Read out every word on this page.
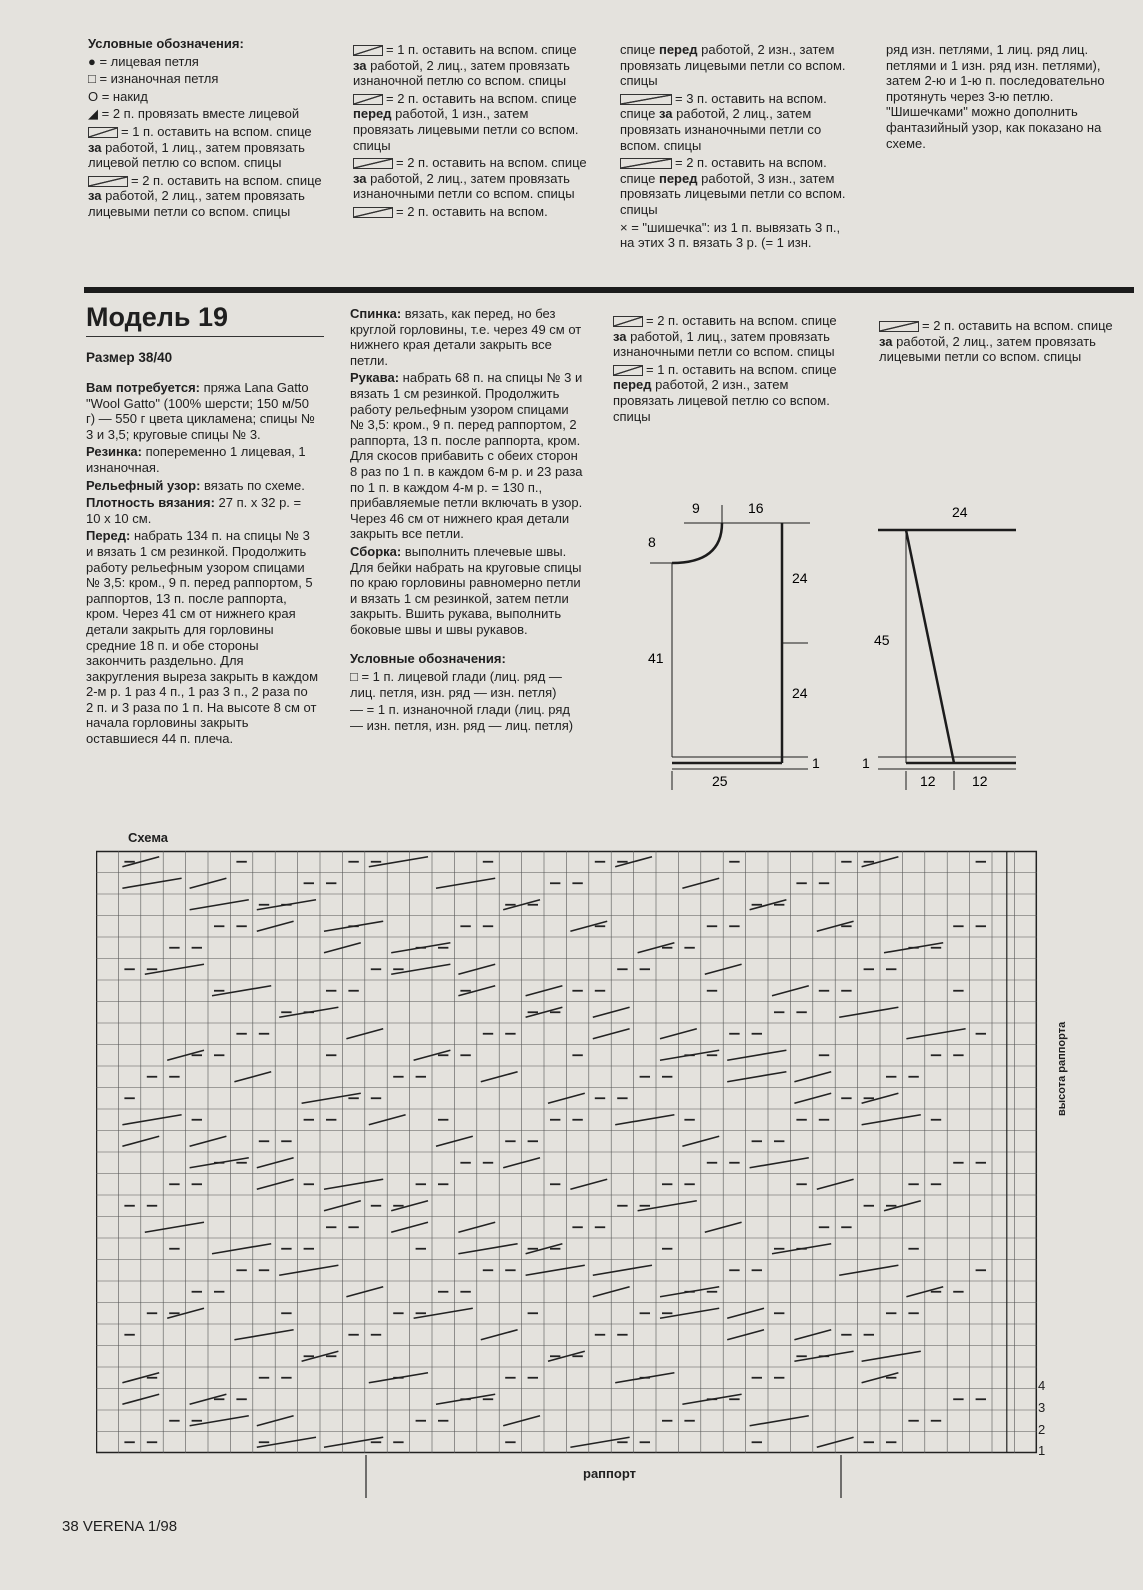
Условные обозначения:

● = лицевая петля

□ = изнаночная петля

О = накид

◢ = 2 п. провязать вместе лицевой

= 1 п. оставить на вспом. спице за работой, 1 лиц., затем провязать лицевой петлю со вспом. спицы

= 2 п. оставить на вспом. спице за работой, 2 лиц., затем провязать лицевыми петли со вспом. спицы

= 1 п. оставить на вспом. спице за работой, 2 лиц., затем провязать изнаночной петлю со вспом. спицы

= 2 п. оставить на вспом. спице перед работой, 1 изн., затем провязать лицевыми петли со вспом. спицы

= 2 п. оставить на вспом. спице за работой, 2 лиц., затем провязать изнаночными петли со вспом. спицы

= 2 п. оставить на вспом.

спице перед работой, 2 изн., затем провязать лицевыми петли со вспом. спицы

= 3 п. оставить на вспом. спице за работой, 2 лиц., затем провязать изнаночными петли со вспом. спицы

= 2 п. оставить на вспом. спице перед работой, 3 изн., затем провязать лицевыми петли со вспом. спицы

× = "шишечка": из 1 п. вывязать 3 п., на этих 3 п. вязать 3 р. (= 1 изн.

ряд изн. петлями, 1 лиц. ряд лиц. петлями и 1 изн. ряд изн. петлями), затем 2-ю и 1-ю п. последовательно протянуть через 3-ю петлю. "Шишечками" можно дополнить фантазийный узор, как показано на схеме.

Модель 19
Размер 38/40

Вам потребуется: пряжа Lana Gatto "Wool Gatto" (100% шерсти; 150 м/50 г) — 550 г цвета цикламена; спицы № 3 и 3,5; круговые спицы № 3.

Резинка: попеременно 1 лицевая, 1 изнаночная.

Рельефный узор: вязать по схеме.

Плотность вязания: 27 п. х 32 р. = 10 х 10 см.

Перед: набрать 134 п. на спицы № 3 и вязать 1 см резинкой. Продолжить работу рельефным узором спицами № 3,5: кром., 9 п. перед раппортом, 5 раппортов, 13 п. после раппорта, кром. Через 41 см от нижнего края детали закрыть для горловины средние 18 п. и обе стороны закончить раздельно. Для закругления выреза закрыть в каждом 2-м р. 1 раз 4 п., 1 раз 3 п., 2 раза по 2 п. и 3 раза по 1 п. На высоте 8 см от начала горловины закрыть оставшиеся 44 п. плеча.

Спинка: вязать, как перед, но без круглой горловины, т.е. через 49 см от нижнего края детали закрыть все петли.

Рукава: набрать 68 п. на спицы № 3 и вязать 1 см резинкой. Продолжить работу рельефным узором спицами № 3,5: кром., 9 п. перед раппортом, 2 раппорта, 13 п. после раппорта, кром. Для скосов прибавить с обеих сторон 8 раз по 1 п. в каждом 6-м р. и 23 раза по 1 п. в каждом 4-м р. = 130 п., прибавляемые петли включать в узор. Через 46 см от нижнего края детали закрыть все петли.

Сборка: выполнить плечевые швы. Для бейки набрать на круговые спицы по краю горловины равномерно петли и вязать 1 см резинкой, затем петли закрыть. Вшить рукава, выполнить боковые швы и швы рукавов.

Условные обозначения:

□ = 1 п. лицевой глади (лиц. ряд — лиц. петля, изн. ряд — изн. петля)

— = 1 п. изнаночной глади (лиц. ряд — изн. петля, изн. ряд — лиц. петля)

= 2 п. оставить на вспом. спице за работой, 1 лиц., затем провязать изнаночными петли со вспом. спицы

= 1 п. оставить на вспом. спице перед работой, 2 изн., затем провязать лицевой петлю со вспом. спицы

= 2 п. оставить на вспом. спице за работой, 2 лиц., затем провязать лицевыми петли со вспом. спицы

9	16
8
24
41
24
1
25
24
45
1
12	12
Схема
высота раппорта
4
3
2
1
раппорт
38 VERENA 1/98
